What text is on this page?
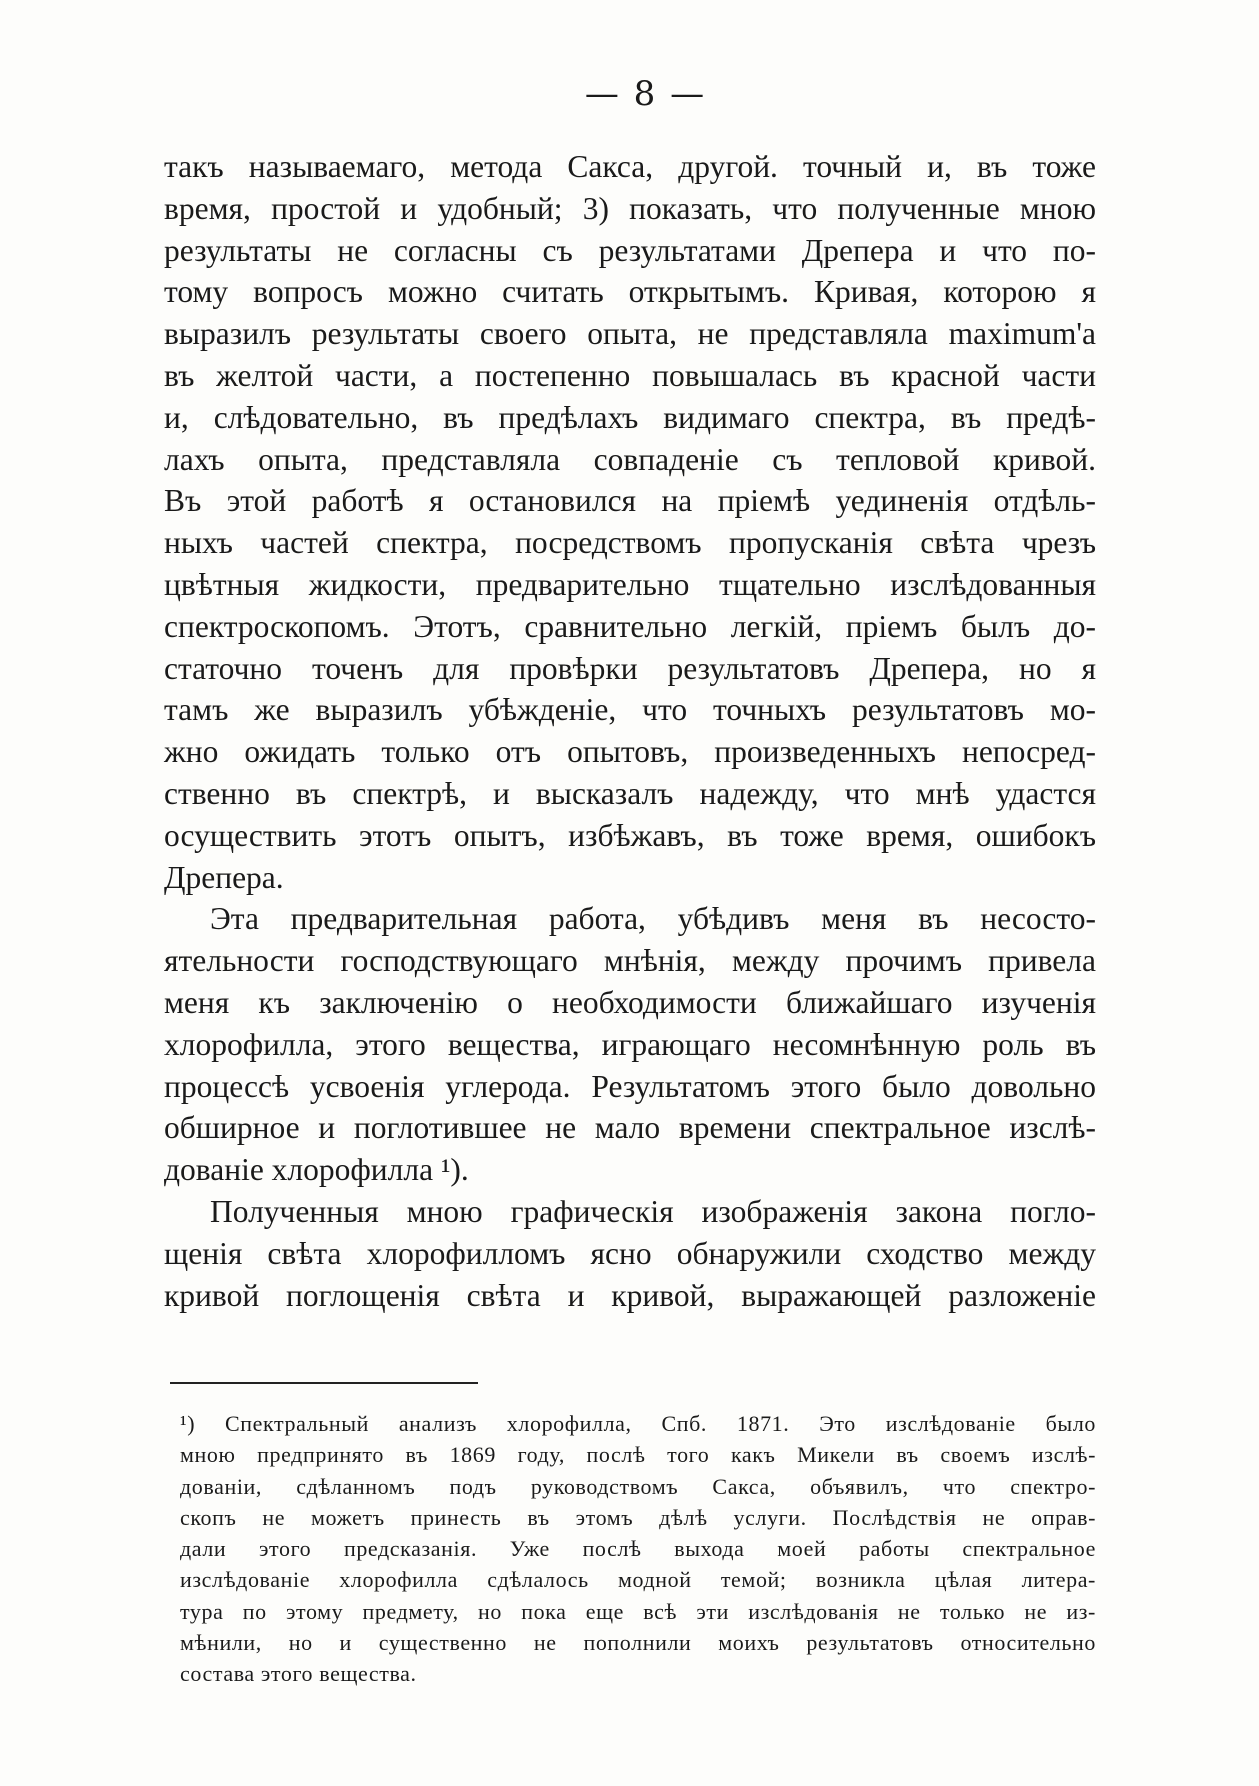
— 8 —
такъ называемаго, метода Сакса, другой. точный и, въ тоже
время, простой и удобный; 3) показать, что полученные мною
результаты не согласны съ результатами Дрепера и что по-
тому вопросъ можно считать открытымъ. Кривая, которою я
выразилъ результаты своего опыта, не представляла maximum'a
въ желтой части, а постепенно повышалась въ красной части
и, слѣдовательно, въ предѣлахъ видимаго спектра, въ предѣ-
лахъ опыта, представляла совпаденіе съ тепловой кривой.
Въ этой работѣ я остановился на пріемѣ уединенія отдѣль-
ныхъ частей спектра, посредствомъ пропусканія свѣта чрезъ
цвѣтныя жидкости, предварительно тщательно изслѣдованныя
спектроскопомъ. Этотъ, сравнительно легкій, пріемъ былъ до-
статочно точенъ для провѣрки результатовъ Дрепера, но я
тамъ же выразилъ убѣжденіе, что точныхъ результатовъ мо-
жно ожидать только отъ опытовъ, произведенныхъ непосред-
ственно въ спектрѣ, и высказалъ надежду, что мнѣ удастся
осуществить этотъ опытъ, избѣжавъ, въ тоже время, ошибокъ
Дрепера.
Эта предварительная работа, убѣдивъ меня въ несосто-
ятельности господствующаго мнѣнія, между прочимъ привела
меня къ заключенію о необходимости ближайшаго изученія
хлорофилла, этого вещества, играющаго несомнѣнную роль въ
процессѣ усвоенія углерода. Результатомъ этого было довольно
обширное и поглотившее не мало времени спектральное изслѣ-
дованіе хлорофилла ¹).
Полученныя мною графическія изображенія закона погло-
щенія свѣта хлорофилломъ ясно обнаружили сходство между
кривой поглощенія свѣта и кривой, выражающей разложеніе
¹) Спектральный анализъ хлорофилла, Спб. 1871. Это изслѣдованіе было
мною предпринято въ 1869 году, послѣ того какъ Микели въ своемъ изслѣ-
дованіи, сдѣланномъ подъ руководствомъ Сакса, объявилъ, что спектро-
скопъ не можетъ принесть въ этомъ дѣлѣ услуги. Послѣдствія не оправ-
дали этого предсказанія. Уже послѣ выхода моей работы спектральное
изслѣдованіе хлорофилла сдѣлалось модной темой; возникла цѣлая литера-
тура по этому предмету, но пока еще всѣ эти изслѣдованія не только не из-
мѣнили, но и существенно не пополнили моихъ результатовъ относительно
состава этого вещества.
